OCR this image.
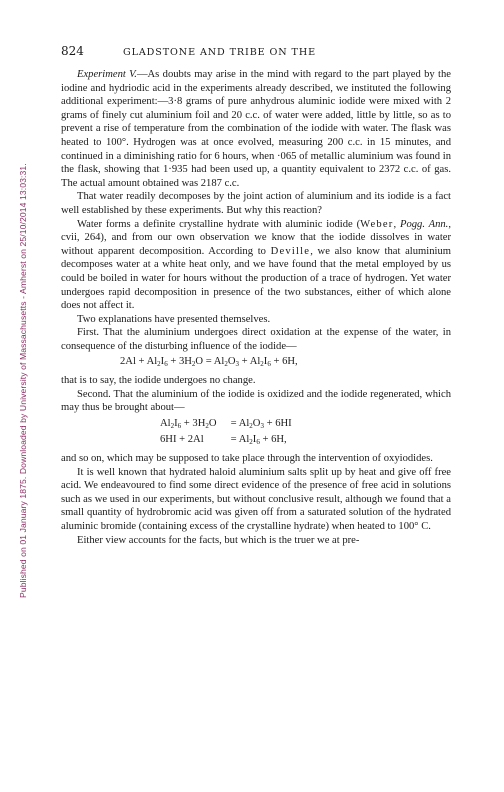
Published on 01 January 1875. Downloaded by University of Massachusetts - Amherst on 25/10/2014 13:03:31.
824	GLADSTONE AND TRIBE ON THE

Experiment V.—As doubts may arise in the mind with regard to the part played by the iodine and hydriodic acid in the experiments already described, we instituted the following additional experiment:—3·8 grams of pure anhydrous aluminic iodide were mixed with 2 grams of finely cut aluminium foil and 20 c.c. of water were added, little by little, so as to prevent a rise of temperature from the combination of the iodide with water. The flask was heated to 100°. Hydrogen was at once evolved, measuring 200 c.c. in 15 minutes, and continued in a diminishing ratio for 6 hours, when ·065 of metallic aluminium was found in the flask, showing that 1·935 had been used up, a quantity equivalent to 2372 c.c. of gas. The actual amount obtained was 2187 c.c.

That water readily decomposes by the joint action of aluminium and its iodide is a fact well established by these experiments. But why this reaction?

Water forms a definite crystalline hydrate with aluminic iodide (Weber, Pogg. Ann., cvii, 264), and from our own observation we know that the iodide dissolves in water without apparent decomposition. According to Deville, we also know that aluminium decomposes water at a white heat only, and we have found that the metal employed by us could be boiled in water for hours without the production of a trace of hydrogen. Yet water undergoes rapid decomposition in presence of the two substances, either of which alone does not affect it.

Two explanations have presented themselves.

First. That the aluminium undergoes direct oxidation at the expense of the water, in consequence of the disturbing influence of the iodide—

$2Al + Al_2I_6 + 3H_2O = Al_2O_3 + Al_2I_6 + 6H$,

that is to say, the iodide undergoes no change.

Second. That the aluminium of the iodide is oxidized and the iodide regenerated, which may thus be brought about—

$Al_2I_6 + 3H_2O$	= $Al_2O_3 + 6HI$
6HI + 2Al	= $Al_2I_6 + 6H$,

and so on, which may be supposed to take place through the intervention of oxyiodides.

It is well known that hydrated haloid aluminium salts split up by heat and give off free acid. We endeavoured to find some direct evidence of the presence of free acid in solutions such as we used in our experiments, but without conclusive result, although we found that a small quantity of hydrobromic acid was given off from a saturated solution of the hydrated aluminic bromide (containing excess of the crystalline hydrate) when heated to 100° C.

Either view accounts for the facts, but which is the truer we at pre-
